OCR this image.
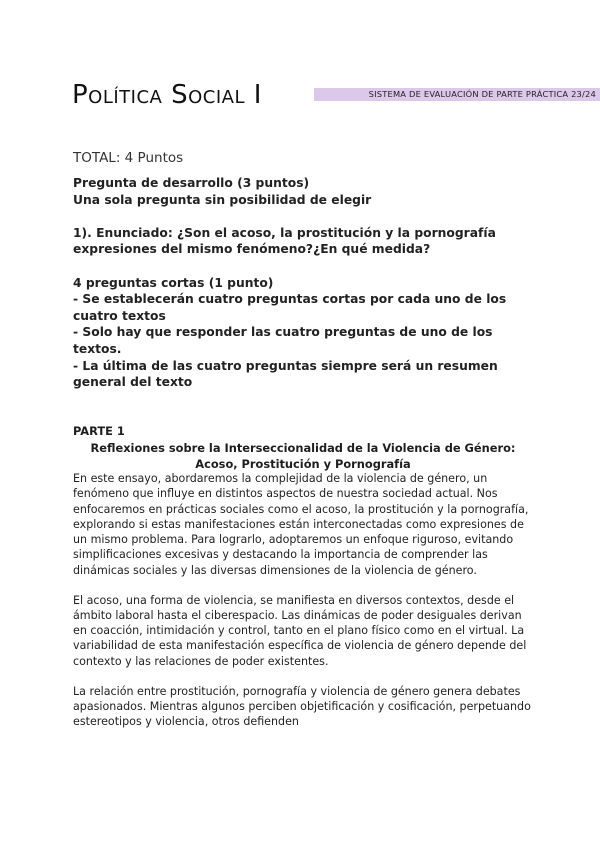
Política Social I	SISTEMA DE EVALUACIÓN DE PARTE PRÁCTICA 23/24
TOTAL: 4 Puntos

Pregunta de desarrollo (3 puntos)

Una sola pregunta sin posibilidad de elegir

1). Enunciado: ¿Son el acoso, la prostitución y la pornografía expresiones del mismo fenómeno?¿En qué medida?

4 preguntas cortas (1 punto)

- Se establecerán cuatro preguntas cortas por cada uno de los cuatro textos

- Solo hay que responder las cuatro preguntas de uno de los textos.

- La última de las cuatro preguntas siempre será un resumen general del texto

PARTE 1
Reflexiones sobre la Interseccionalidad de la Violencia de Género: Acoso, Prostitución y Pornografía

En este ensayo, abordaremos la complejidad de la violencia de género, un fenómeno que influye en distintos aspectos de nuestra sociedad actual. Nos enfocaremos en prácticas sociales como el acoso, la prostitución y la pornografía, explorando si estas manifestaciones están interconectadas como expresiones de un mismo problema. Para lograrlo, adoptaremos un enfoque riguroso, evitando simplificaciones excesivas y destacando la importancia de comprender las dinámicas sociales y las diversas dimensiones de la violencia de género.

El acoso, una forma de violencia, se manifiesta en diversos contextos, desde el ámbito laboral hasta el ciberespacio. Las dinámicas de poder desiguales derivan en coacción, intimidación y control, tanto en el plano físico como en el virtual. La variabilidad de esta manifestación específica de violencia de género depende del contexto y las relaciones de poder existentes.

La relación entre prostitución, pornografía y violencia de género genera debates apasionados. Mientras algunos perciben objetificación y cosificación, perpetuando estereotipos y violencia, otros defienden
